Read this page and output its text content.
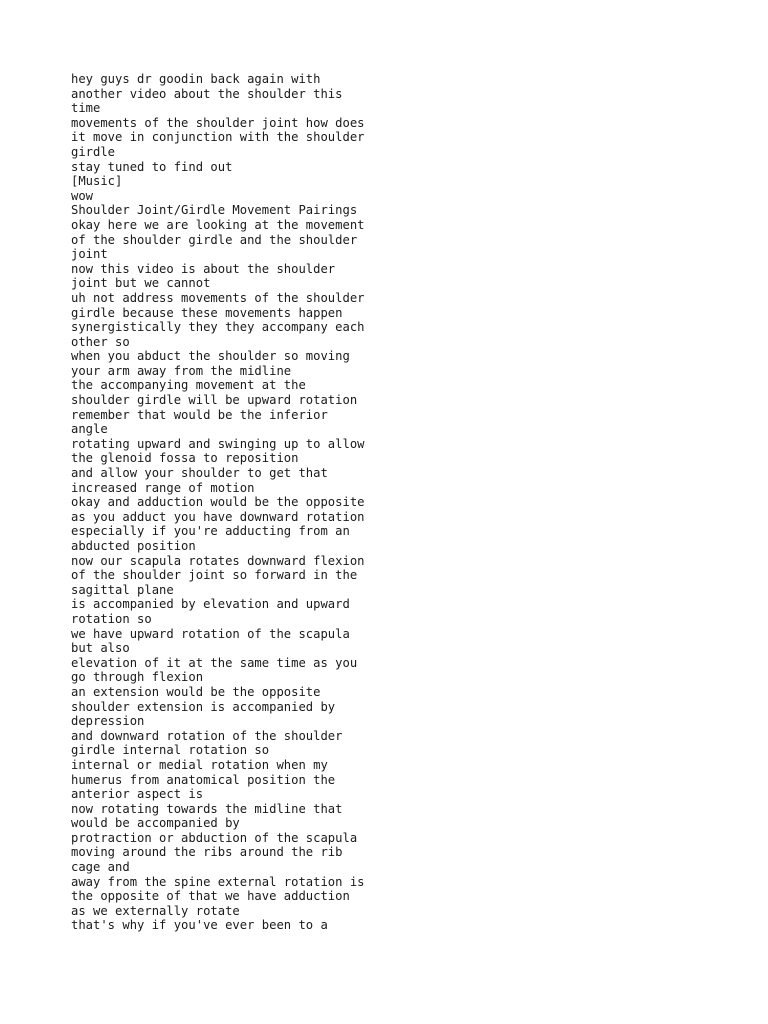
hey guys dr goodin back again with
another video about the shoulder this
time
movements of the shoulder joint how does
it move in conjunction with the shoulder
girdle
stay tuned to find out
[Music]
wow
Shoulder Joint/Girdle Movement Pairings
okay here we are looking at the movement
of the shoulder girdle and the shoulder
joint
now this video is about the shoulder
joint but we cannot
uh not address movements of the shoulder
girdle because these movements happen
synergistically they they accompany each
other so
when you abduct the shoulder so moving
your arm away from the midline
the accompanying movement at the
shoulder girdle will be upward rotation
remember that would be the inferior
angle
rotating upward and swinging up to allow
the glenoid fossa to reposition
and allow your shoulder to get that
increased range of motion
okay and adduction would be the opposite
as you adduct you have downward rotation
especially if you're adducting from an
abducted position
now our scapula rotates downward flexion
of the shoulder joint so forward in the
sagittal plane
is accompanied by elevation and upward
rotation so
we have upward rotation of the scapula
but also
elevation of it at the same time as you
go through flexion
an extension would be the opposite
shoulder extension is accompanied by
depression
and downward rotation of the shoulder
girdle internal rotation so
internal or medial rotation when my
humerus from anatomical position the
anterior aspect is
now rotating towards the midline that
would be accompanied by
protraction or abduction of the scapula
moving around the ribs around the rib
cage and
away from the spine external rotation is
the opposite of that we have adduction
as we externally rotate
that's why if you've ever been to a
